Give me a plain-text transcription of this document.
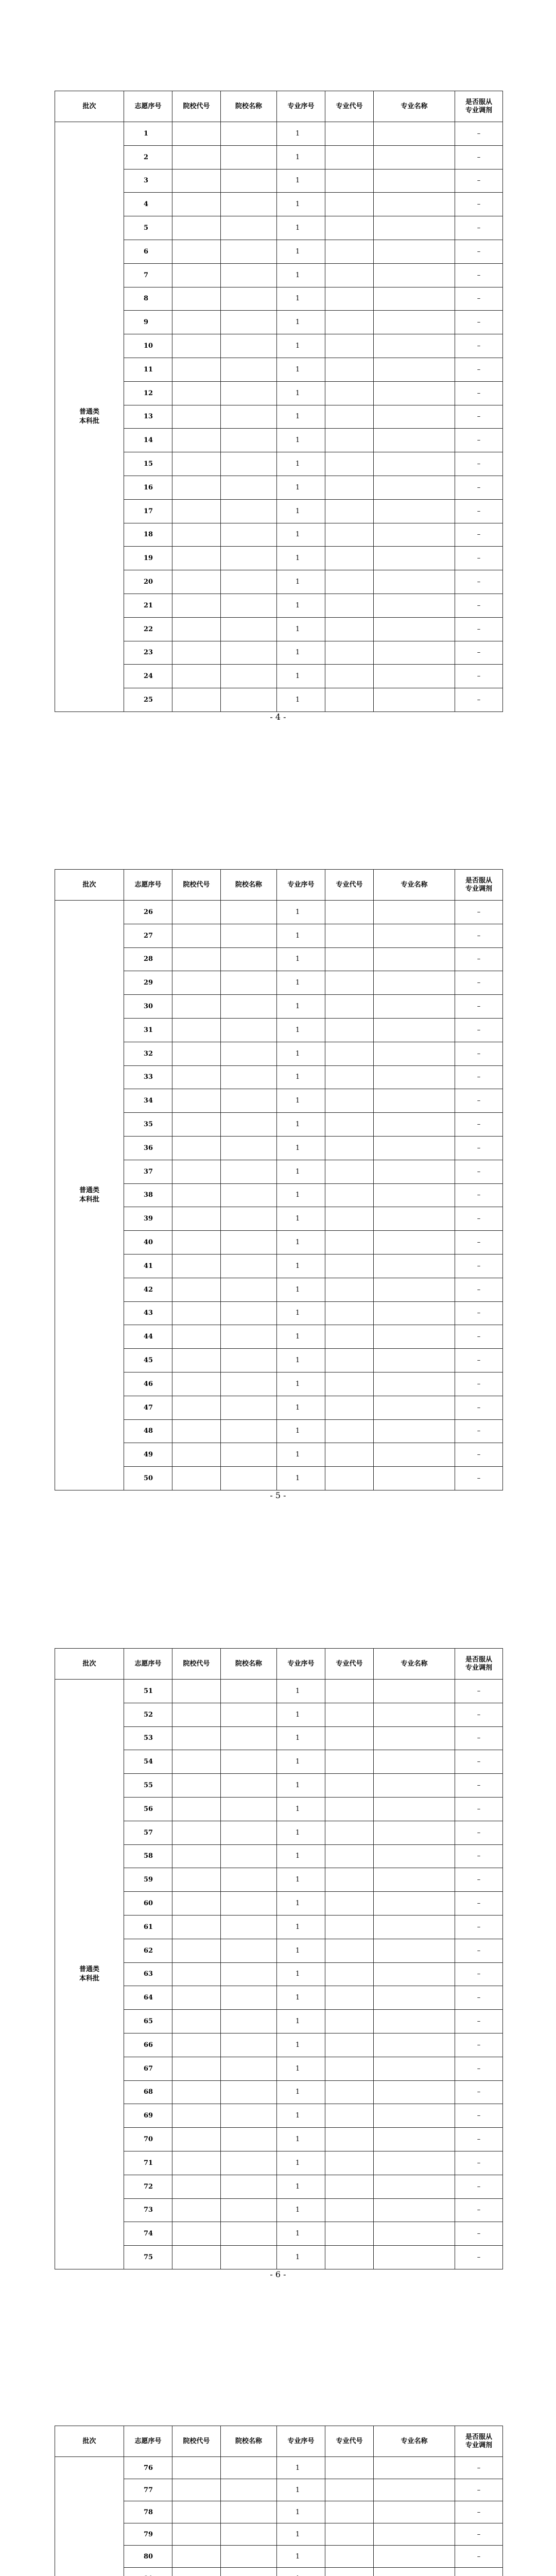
批次	志愿序号	院校代号	院校名称	专业序号	专业代号	专业名称	是否服从
专业调剂
普通类
本科批	1			1			–
	2			1			–
	3			1			–
	4			1			–
	5			1			–
	6			1			–
	7			1			–
	8			1			–
	9			1			–
	10			1			–
	11			1			–
	12			1			–
	13			1			–
	14			1			–
	15			1			–
	16			1			–
	17			1			–
	18			1			–
	19			1			–
	20			1			–
	21			1			–
	22			1			–
	23			1			–
	24			1			–
	25			1			–
- 4 -
批次	志愿序号	院校代号	院校名称	专业序号	专业代号	专业名称	是否服从
专业调剂
普通类
本科批	26			1			–
	27			1			–
	28			1			–
	29			1			–
	30			1			–
	31			1			–
	32			1			–
	33			1			–
	34			1			–
	35			1			–
	36			1			–
	37			1			–
	38			1			–
	39			1			–
	40			1			–
	41			1			–
	42			1			–
	43			1			–
	44			1			–
	45			1			–
	46			1			–
	47			1			–
	48			1			–
	49			1			–
	50			1			–
- 5 -
批次	志愿序号	院校代号	院校名称	专业序号	专业代号	专业名称	是否服从
专业调剂
普通类
本科批	51			1			–
	52			1			–
	53			1			–
	54			1			–
	55			1			–
	56			1			–
	57			1			–
	58			1			–
	59			1			–
	60			1			–
	61			1			–
	62			1			–
	63			1			–
	64			1			–
	65			1			–
	66			1			–
	67			1			–
	68			1			–
	69			1			–
	70			1			–
	71			1			–
	72			1			–
	73			1			–
	74			1			–
	75			1			–
- 6 -
批次	志愿序号	院校代号	院校名称	专业序号	专业代号	专业名称	是否服从
专业调剂
	76			1			–
	77			1			–
	78			1			–
	79			1			–
	80			1			–
